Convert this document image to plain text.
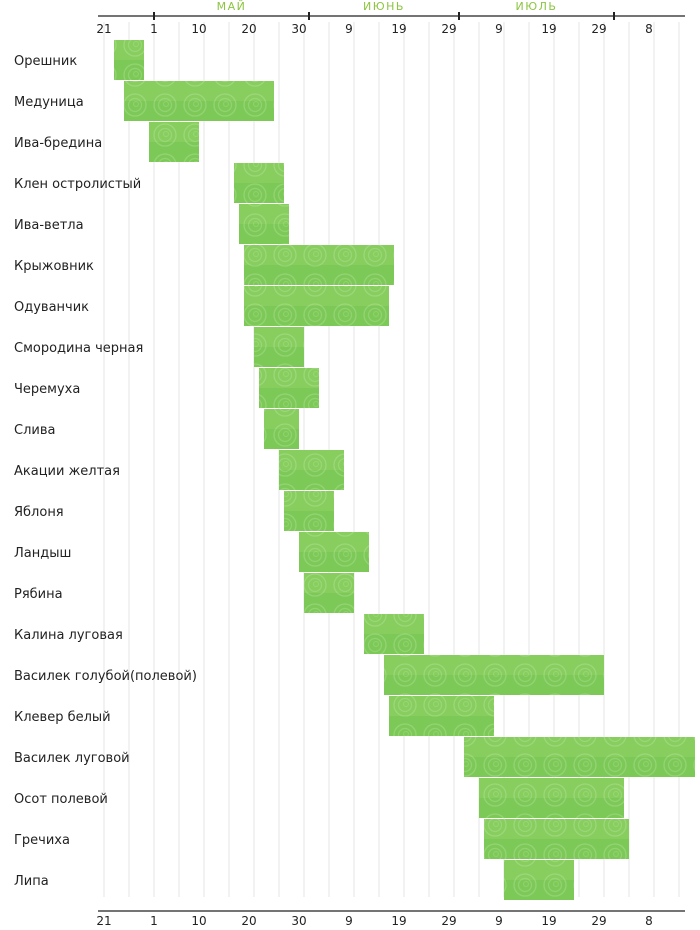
МАЙ	ИЮНЬ	ИЮЛЬ
21
21
1
1
10
10
20
20
30
30
9
9
19
19
29
29
9
9
19
19
29
29
8
8
Орешник
Медуница
Ива-бредина
Клен остролистый
Ива-ветла
Крыжовник
Одуванчик
Смородина черная
Черемуха
Слива
Акации желтая
Яблоня
Ландыш
Рябина
Калина луговая
Василек голубой(полевой)
Клевер белый
Василек луговой
Осот полевой
Гречиха
Липа
